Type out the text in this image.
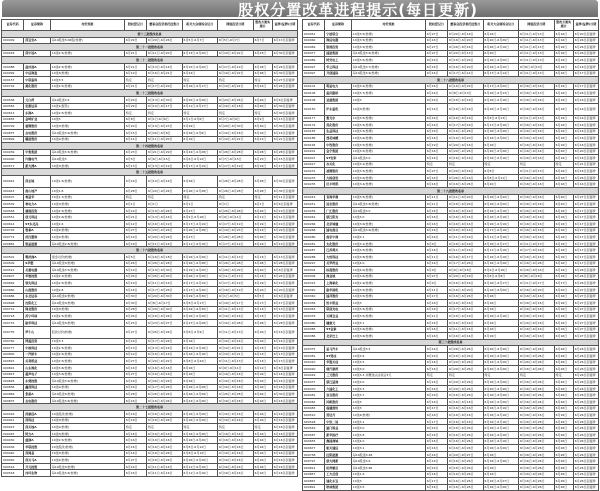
股权分置改革进程提示(每日更新)
证券代码	证券简称	对价预案	股权登记日	董事会投票委托征集日	相关大会现场会议日	网络投票日期	股改方案实施日	复牌(复牌)日期
第十三批股改名单								
000009	深宝安A	每10股送3.06股(转增)	6月29日	6月20日-6月26日	6月5日-6月7日	6月5日-6月7日	6月7日	6月13日起复牌
第二十一批股改名单								
000018	深中冠A	10送2.5(转增)	6月21日	6月11日-6月20日	6月13日-6月20日	6月19日-6月22日	6月23日	6月30日起复牌
第二十二批股改名单								
000088	盐田港A	10送2.5(转增)	6月21日	6月13日-6月16日	6月15日-6月20日	6月17日-6月19日	6月18日	6月26日起复牌
000099	中信海直	10送3(转增)	6月19日	6月16日-6月21日	6月24日	6月19日-6月22日	6月28日	6月30日起复牌
000157	中联重科	10送3.5	特定	特定	特定	特定	特定	6月27日起复牌
000734	燕化股份	10送2.5(转增)	6月21日	6月17日-6月29日	6月16日-6月17日	6月19日-6月22日	6月22日	6月26日起复牌
第二十三批股改名单								
000538	云白药	每10股送3.6	6月20日	6月13日-6月30日	6月25日-6月26日	6月24日-6月26日	6月26日	6月6日起复牌
000562	宏源证券	10送1(配售)	6月29日	6月10日-6月17日	6月11日-6月17日	6月16日-6月18日	6月20日	6月30日起复牌
000613	东海A	10送2.5(转增)	特定	特定	特定	特定	特定	6月30日起复牌
000655	金岭矿业	10送3	6月8日	6月1日-6月6日	6月1日-6月6日	6月7日-6月9日	6月9日	6月13日起复牌
000709	唐钢股份	10送3(转增)	6月20日	6月19日-6月23日	6月29日	6月29日-6月30日	6月30日	6月30日起复牌
000875	吉电股份	每10股送3.6(转增)	6月15日	6月26日-6月8日	6月26日-6月8日	6月16日-6月18日	6月16日	6月16日起复牌
000899	赣能股份	10送2(转增)	6月14日	6月11日-6月20日	6月16日	6月19日-6月22日	6月21日	6月21日起复牌
第二十四批股改名单								
000039	中集集团	每10股送3.5(转增)	6月23日	6月21日-6月29日	6月24日-6月28日	6月26日-6月28日	6月28日	6月28日起复牌
000400	许继电气	每10股送3	6月5日	6月6日-6月15日	6月6日-6月12日	6月7日-6月15日	6月15日	6月15日起复牌
000571	新大洲A	10送3(转增)	6月13日	6月13日-6月19日	6月17日-6月19日	6月17日-6月19日	6月19日	6月17日起复牌
第二十五批股改名单								
000042	深长城	10送1.5(转增)	6月16日	6月10日-6月16日	6月26日	6月26日-6月28日	6月28日	6月30日起复牌
000043	南山地产	10送1.8	6月28日	6月20日-6月26日	6月26日-6月28日	6月26日-6月28日	6月28日	6月30日起复牌
000507	粤富华	10送1.7(转增)	特定	特定	特定	特定	特定	6月11日起复牌
000539	粤电力A	10送3(转增)	6月1日	6月1日	6月1日	6月1日	6月1日	6月6日起复牌
000548	湖南投资	10送2.5(转增)	6月19日	6月19日-6月26日	6月27日	6月26日-6月28日	6月26日	6月19日起复牌
000551	创元科技	10送2.6(转增)	6月21日	6月13日-6月16日	6月9日-6月16日	6月9日-6月11日	6月11日	6月11日起复牌
000614	ST东北高	10送2.6	6月12日	6月16日-6月19日	6月17日-6月19日	6月17日-6月19日	6月19日	6月19日起复牌
000726	鲁泰A	10送2(转增)	6月27日	6月20日-6月26日	6月26日-6月28日	6月19日-6月23日	6月23日	6月29日起复牌
000774	武汉塑料	10送2(转增)	6月19日	6月20日-6月26日	6月27日	6月26日-6月28日	6月26日	6月30日起复牌
000862	银星能源	每10股送2.8(转增)	6月16日	6月11日-6月16日	6月11日-6月16日	6月17日-6月19日	6月19日	6月19日起复牌
第二十六批股改名单								
000501	鄂武商A	现金对价(转增)	6月5日	6月16日-6月18日	6月16日-6月26日	6月11日-6月13日	6月13日	6月13日起复牌
000509	S华塑	每10股送3(转增)	6月26日	6月26日-6月28日	6月26日-6月28日	6月26日-6月28日	6月28日	6月28日起复牌
000521	美菱电器	每10股送3.5(转增)	6月19日	6月19日-6月30日	6月19日-6月20日	6月26日-6月29日	6月20日	6月6日起复牌
000607	华智控股	10送2.3(转增)	6月26日	6月26日-6月30日	6月26日-6月26日	6月11日-6月13日	6月13日	6月26日起复牌
000669	领先科技	10送2.5(转增)	6月19日	6月11日-6月16日	6月17日-6月19日	6月17日-6月19日	6月19日	6月19日起复牌
000680	山推股份	10送2.8	6月16日	6月17日-6月26日	6月17日-6月26日	6月16日-6月19日	6月16日	6月20日起复牌
000686	东北证券	每10股送2(转增)	6月30日	6月29日-6月30日	6月29日-6月30日	6月1日-6月5日	6月5日	6月6日起复牌
000698	沈阳化工	每10股送3(转增)	6月30日	6月8日-6月17日	6月8日-6月17日	6月16日-6月17日	6月17日	6月17日起复牌
000712	锦龙股份	10送3(转增)	6月28日	6月29日-6月30日	6月29日-6月30日	6月11日-6月13日	6月13日	6月13日起复牌
000718	苏宁环球	10送2.5(转增)	6月26日	6月16日-6月26日	6月16日-6月26日	6月16日-6月16日	6月13日	6月13日起复牌
000733	振华科技	每10股送3(转增)	6月23日	6月23日-6月27日	6月27日-6月28日	6月16日-6月28日	6月28日	6月28日起复牌
000735	罗牛山	股改对价(转增)	6月27日	6月26日-6月26日	6月8日-6月9日	6月11日-6月13日	6月16日	6月16日起复牌
000760	博盈投资	10送3.3	6月16日	6月17日-6月26日	6月16日	6月16日-6月16日	6月16日	6月16日起复牌
000777	中核科技	10送2.5(转增)	6月13日	6月13日-6月16日	6月14日-6月16日	6月19日-6月21日	6月13日	6月13日起复牌
000800	一汽轿车	10送2.5(转增)	6月19日	6月16日-6月16日	6月16日-6月16日	6月19日-6月21日	6月13日	6月13日起复牌
000815	美利纸业	10送2.5(转增)	6月27日	6月20日-6月22日	6月8日-6月22日	6月11日-6月13日	6月13日	6月13日起复牌
000822	山东海化	10送3.6(转增)	6月16日	6月16日-6月16日	6月16日	6月9日-6月11日	6月11日	6月6日起复牌
000823	超声电子	10送3.6(转增)	6月27日	6月16日-6月16日	6月16日	6月16日-6月16日	6月16日	6月16日起复牌
000828	东莞控股	每10股送3.6(转增)	6月16日	6月26日-6月26日	6月26日	6月16日-6月18日	6月16日	6月16日起复牌
000836	鑫茂科技	10送2(转增)	6月16日	6月17日-6月26日	6月26日-6月28日	6月16日-6月18日	6月16日	6月16日起复牌
000869	张裕A	每10股送3(转增)	6月28日	6月26日-6月26日	6月26日-6月28日	6月26日-6月28日	6月26日	6月30日起复牌
000875	吉电股份	每10股送3.6(转增)	6月16日	6月16日-6月26日	6月24日-6月26日	6月16日-6月18日	6月16日	6月16日起复牌
第二十七批股改名单								
000016	深康佳A	10送股改(转增)	6月16日	6月16日-6月26日	6月16日-6月26日	6月16日-6月16日	6月16日	6月16日起复牌
000021	深科技	10送3(转增)	6月16日	6月16日-6月26日	6月16日-6月26日	6月16日-6月16日	6月16日	6月16日起复牌
000023	深天地A	10送2(转增)	特定	特定	特定	特定	特定	6月16日起复牌
000025	特力A	10送3(转增)	6月16日	6月16日-6月16日	6月16日-6月26日	6月16日-6月16日	6月16日	6月16日起复牌
000030	盛润A	10送2.5(转增)	6月16日	6月16日-6月16日	6月16日-6月26日	6月16日-6月16日	6月16日	6月16日起复牌
000036	华联控股	10送股改(转增)	6月16日	6月16日-6月16日	6月8日-6月12日	6月16日-6月16日	6月16日	6月16日起复牌
000040	深鸿基	10送3(转增)	6月16日	6月16日-6月26日	6月8日-6月12日	6月16日-6月16日	6月16日	6月16日起复牌
000050	深天马A	10送2(转增)	6月27日	6月16日-6月26日	6月16日-6月26日	6月16日-6月16日	6月16日	6月16日起复牌
000516	开元控股	每10股送3(转增)	6月16日	6月11日-6月16日	6月11日-6月16日	6月16日-6月16日	6月16日	6月16日起复牌
000518	四环生物	每10股送3.6(转增)	6月16日	6月11日-6月16日	6月11日-6月16日	6月16日-6月16日	6月16日	6月16日起复牌
证券代码	证券简称	对价预案	股权登记日	董事会投票委托征集日	相关大会现场会议日	网络投票日期	股改方案实施日	复牌(复牌)日期
600051	宁波联合	10送3.5(转增)	6月27日	6月20日-6月16日	6月16日	6月11日-6月13日	6月16日	6月20日起复牌
600060	海信电器	10送3.5(转增)	6月16日	6月16日-6月20日	6月20日-6月26日	6月11日-6月13日	6月16日	6月26日起复牌
600069	银鸽投资	10送3.5(转增)	6月27日	6月26日-6月16日	6月26日-6月16日	6月11日-6月13日	6月16日	6月26日起复牌
600077	国能集团	每10股送3.6(转增)	6月27日	6月20日-6月13日	6月20日	6月11日-6月13日	6月16日	6月26日起复牌
600089	特变电工	10送3.5(转增)	6月16日	6月16日-6月20日	6月16日-6月20日	6月11日-6月13日	6月16日	6月26日起复牌
600097	华立科技	每10股送3.7(转增)	6月16日	6月16日-6月20日	6月16日-6月20日	6月8日-6月13日	6月16日	6月16日起复牌
600097	开创国际	每10股送3.9(转增)	6月16日	6月17日-6月14日	6月17日-6月14日	6月11日-6月13日	6月16日	6月17日起复牌
第二十八批股改名单								
600101	明星电力	10送3.4(转增)	6月16日	6月16日-6月20日	6月17日-6月20日	6月16日-6月16日	6月16日	6月17日起复牌
600106	重庆路桥	10送3.7(转增)	6月16日	6月8日-6月13日	6月16日-6月13日	6月16日-6月13日	6月16日	6月26日起复牌
600108	亚盛集团	10送3	6月16日	6月16日-6月16日	6月16日-6月16日	6月16日-6月16日	6月16日	6月16日起复牌
600150	沪东重机	10送3(转增)	6月16日	6月16日-6月16日	6月16日-6月16日	6月16日-6月16日	6月16日	6月16日起复牌
600177	雅戈尔	10送3.5(转增)	6月16日	6月16日-6月16日	6月8日-6月13日	6月11日-6月13日	6月16日	6月16日起复牌
600179	黑化股份	10送3.5(转增)	6月16日	6月17日-6月16日	6月17日-6月16日	6月16日-6月16日	6月16日	6月16日起复牌
600183	生益科技	10送3.5(转增)	6月16日	6月16日-6月26日	6月16日-6月26日	6月16日-6月16日	6月16日	6月16日起复牌
600186	莲花味精	10送3.6(转增)	6月16日	6月16日-6月20日	6月16日-6月20日	6月16日-6月16日	6月16日	6月16日起复牌
600195	中牧股份	10送3.5(转增)	6月19日	6月20日-6月16日	6月16日	6月16日-6月16日	6月16日	6月16日起复牌
600201	金宇集团	10送3.5(转增)	6月16日	6月20日-6月26日	6月20日-6月26日	6月16日-6月16日	6月20日	6月20日起复牌
600207	ST安彩	每10股送3.0	6月16日	6月16日-6月16日	6月16日-6月16日	6月16日-6月16日	6月16日	6月16日起复牌
600227	赤天化	10送3.1(转增)	特定	特定	特定	特定	特定	6月21日起复牌
600231	凌钢股份	10送3.5(转增)	6月27日	6月20日-6月16日	6月8日	6月11日-6月13日	6月16日	6月16日起复牌
600233	大杨创世	10送3.6(转增)	6月16日	6月26日-6月16日	6月8日-6月11日	6月16日-6月16日	6月16日	6月26日起复牌
600235	民丰特纸	10送3.4(转增)	6月16日	6月16日-6月26日	6月20日	6月16日-6月16日	6月16日	6月16日起复牌
第二十九批股改名单								
600243	青海华鼎	10送3.5(转增)	6月11日	6月11日-6月20日	6月16日-6月20日	6月16日-6月16日	6月20日	6月27日起复牌
600251	冠农股份	每10股送3.8(转增)	6月11日	6月16日-6月20日	6月16日-6月20日	6月16日-6月16日	6月20日	6月27日起复牌
600256	广汇股份	每10股送3.0	6月16日	6月16日-6月16日	6月16日-6月16日	6月16日-6月16日	6月16日	6月17日起复牌
600261	浙江阳光	10送3.0	6月16日	6月16日-6月16日	6月16日-6月16日	6月16日-6月16日	6月16日	6月17日起复牌
600266	北京城建	10送3.6(转增)	6月16日	6月16日-6月16日	6月16日-6月16日	6月16日-6月16日	6月16日	6月17日起复牌
600268	国电南自	每10股送3.6(转增)	6月16日	6月16日-6月16日	6月17日-6月16日	6月16日-6月16日	6月16日	6月17日起复牌
600280	南京中商	10送3.1	6月16日	6月11日-6月16日	6月11日-6月16日	6月16日-6月16日	6月16日	6月17日起复牌
600281	太化股份	10送3.1(转增)	6月9日	6月16日-6月16日	6月16日-6月17日	6月11日-6月13日	6月16日	6月17日起复牌
600287	江苏舜天	10送3.5(转增)	6月16日	6月11日-6月16日	6月11日-6月16日	6月17日-6月16日	6月16日	6月17日起复牌
600288	大恒科技	10送3.8(转增)	6月11日	6月16日-6月17日	6月16日-6月16日	6月16日-6月16日	6月16日	6月17日起复牌
600297	美罗药业	10送4.0	6月16日	6月17日-6月26日	6月16日-6月26日	6月16日-6月26日	6月16日	6月17日起复牌
600302	标准股份	10送4.0(转增)	6月9日	6月9日-6月16日	6月9日-6月16日	6月16日-6月16日	6月16日	6月26日起复牌
600306	商业城	10送3.6(转增)	6月27日	6月20日-6月16日	6月8日-6月8日	6月8日-6月16日	6月16日	6月26日起复牌
600315	上海家化	10送1.9(转增)	6月9日	6月16日-6月16日	6月16日-6月17日	6月11日-6月17日	6月17日	6月26日起复牌
600320	振华港机	10送3.5(转增)	6月11日	6月16日-6月20日	6月16日-6月20日	6月16日-6月20日	6月20日	6月27日起复牌
600340	国祥股份	10送3.5(转增)	6月17日	6月16日-6月26日	6月26日	6月16日-6月16日	6月16日	6月27日起复牌
600356	恒丰纸业	10送3	6月16日	6月16日-6月16日	6月16日	6月16日-6月16日	6月16日	6月27日起复牌
600363	联创光电	10送3.5(转增)	6月16日	6月17日-6月16日	6月16日	6月16日-6月16日	6月16日	6月27日起复牌
600376	天鸿宝业	10送3.5(转增)	6月11日	6月16日-6月16日	6月16日-6月16日	6月16日-6月16日	6月16日	6月27日起复牌
600380	健康元	10送3.1	6月16日	6月16日-6月16日	6月16日	6月16日-6月16日	6月16日	6月27日起复牌
600385	ST金泰	10送3.6(转增)	6月16日	6月11日-6月16日	6月16日	6月16日-6月16日	6月16日	6月27日起复牌
600386	北京巴士	10送3.6(转增)	6月16日	6月16日-6月16日	6月16日	6月16日-6月16日	6月16日	6月27日起复牌
第三十批股改名单								
600375	星马汽车	每10股送3.5	6月16日	6月26日-6月26日	6月26日-6月26日	6月26日-6月26日	6月26日	6月26日起复牌
600381	ST贤成	10送3.6	6月16日	6月16日-6月26日	6月16日-6月26日	6月16日-6月26日	6月26日	6月26日起复牌
600410	华胜天成	10送3.5	6月16日	6月20日-6月26日	6月16日-6月26日	6月26日-6月26日	6月26日	6月26日起复牌
600420	现代制药	10送3.0	6月16日	6月20日-6月26日	6月20日-6月26日	6月16日-6月26日	6月26日	6月26日起复牌
600429	三元股份	10送3.3 并赠送认沽权证3元	特定	特定	特定	特定	特定	6月26日起复牌
600437	浙江富润	10送3.0	6月16日	6月20日-6月26日	6月16日-6月26日	6月16日-6月26日	6月26日	6月26日起复牌
600470	六国化工	10送3.3	6月16日	6月20日-6月26日	6月20日-6月26日	6月16日-6月26日	6月26日	6月26日起复牌
600481	双良股份	10送3.7	6月16日	6月16日-6月26日	6月16日-6月26日	6月16日-6月26日	6月26日	6月26日起复牌
600482	风帆股份	10送3	6月16日	6月16日-6月16日	6月16日-6月26日	6月16日-6月26日	6月26日	6月26日起复牌
600483	福建南纺	10送3	6月17日	6月16日-6月16日	6月16日-6月16日	6月16日-6月26日	6月26日	6月26日起复牌
600510	黑牡丹	10送4(转增)	6月16日	6月16日-6月16日	6月16日-6月16日	6月16日-6月16日	6月16日	6月26日起复牌
600528	中铁二局	10送3.1	6月17日	6月16日-6月16日	6月16日-6月16日	6月16日-6月26日	6月26日	6月26日起复牌
600549	厦门钨业	10送3.0	6月16日	6月16日-6月26日	6月16日-6月16日	6月16日-6月26日	6月26日	6月26日起复牌
600587	新华医疗	10送3.8	6月16日	6月16日-6月26日	6月16日-6月26日	6月16日-6月26日	6月26日	6月26日起复牌
600655	豫园商城	10送4.0	6月16日	6月16日-6月26日	6月16日-6月16日	6月16日-6月26日	6月26日	6月26日起复牌
600677	航天通信	10送3.1	6月16日	6月16日-6月26日	6月16日-6月26日	6月16日-6月26日	6月26日	6月26日起复牌
600758	红阳能源	每10股送3.48	6月16日	6月20日-6月27日	6月16日	6月16日-6月26日	6月26日	6月26日起复牌
600797	浙大网新	每10股送3.6	6月16日	6月16日-6月26日	6月16日-6月26日	6月16日-6月26日	6月26日	6月26日起复牌
600814	杭州解百	每10股送3.66	6月16日	6月16日-6月26日	6月16日	6月16日-6月26日	6月26日	6月26日起复牌
600857	工大首创	10送1.6	6月16日	6月16日-6月26日	6月16日	6月16日-6月26日	6月26日	6月26日起复牌
600867	通化东宝	10送3	6月17日	6月16日-6月26日	6月16日-6月27日	6月16日-6月26日	6月26日	6月26日起复牌
600891	秋林集团	10送3.5	6月16日	6月16日-6月26日	6月16日-6月26日	6月16日-6月26日	6月26日	6月26日起复牌
